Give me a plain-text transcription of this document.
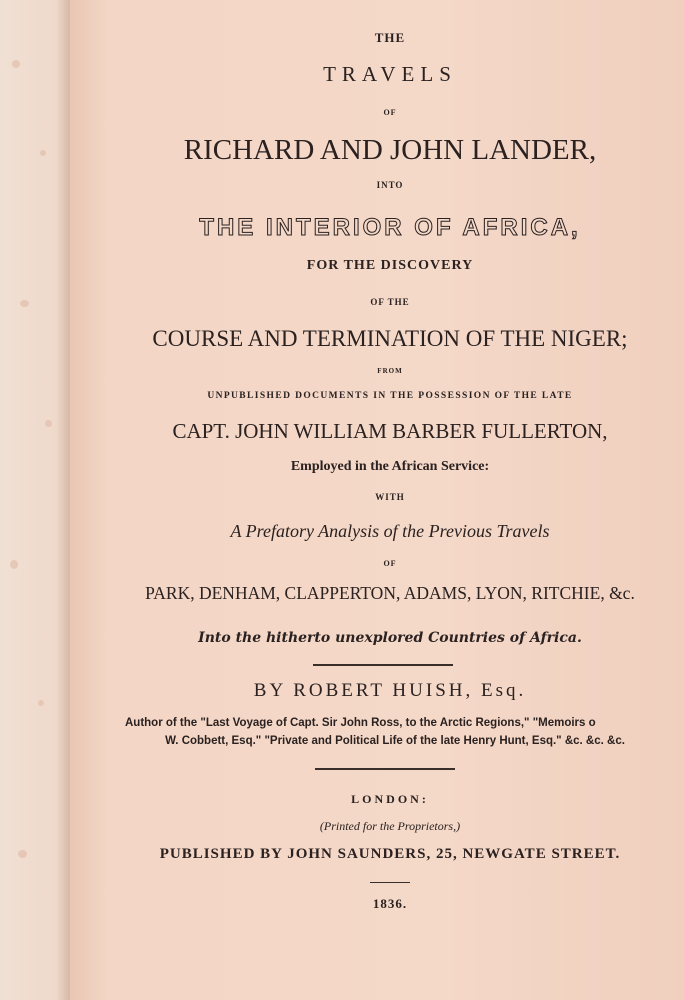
THE
TRAVELS
OF
RICHARD AND JOHN LANDER,
INTO
THE INTERIOR OF AFRICA,
FOR THE DISCOVERY
OF THE
COURSE AND TERMINATION OF THE NIGER;
FROM
UNPUBLISHED DOCUMENTS IN THE POSSESSION OF THE LATE
CAPT. JOHN WILLIAM BARBER FULLERTON,
Employed in the African Service:
WITH
A Prefatory Analysis of the Previous Travels
OF
PARK, DENHAM, CLAPPERTON, ADAMS, LYON, RITCHIE, &c.
Into the hitherto unexplored Countries of Africa.
BY ROBERT HUISH, Esq.
Author of the "Last Voyage of Capt. Sir John Ross, to the Arctic Regions," "Memoirs o
W. Cobbett, Esq." "Private and Political Life of the late Henry Hunt, Esq." &c. &c. &c.
LONDON:
(Printed for the Proprietors,)
PUBLISHED BY JOHN SAUNDERS, 25, NEWGATE STREET.
1836.
